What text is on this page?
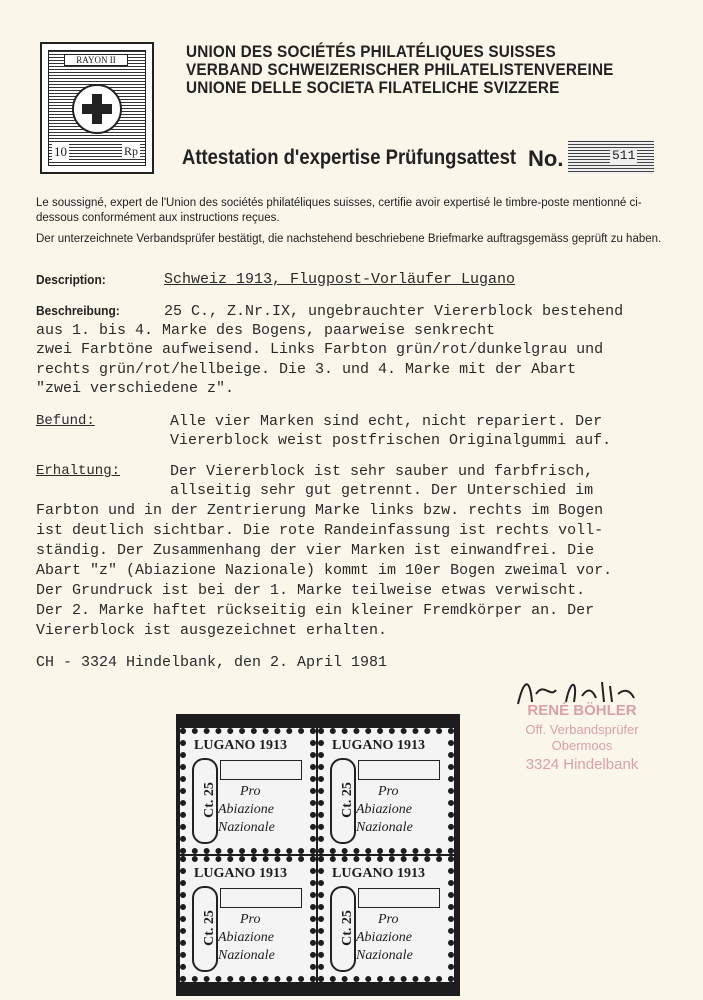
RAYON II
10	Rp
UNION DES SOCIÉTÉS PHILATÉLIQUES SUISSES
VERBAND SCHWEIZERISCHER PHILATELISTENVEREINE
UNIONE DELLE SOCIETA FILATELICHE SVIZZERE
Attestation d'expertise Prüfungsattest No.	511
Le soussigné, expert de l'Union des sociétés philatéliques suisses, certifie avoir expertisé le timbre-poste mentionné ci-dessous conformément aux instructions reçues.
Der unterzeichnete Verbandsprüfer bestätigt, die nachstehend beschriebene Briefmarke auftragsgemäss geprüft zu haben.
Description:
Beschreibung:
Befund:
Erhaltung:
Schweiz 1913, Flugpost-Vorläufer Lugano
25 C., Z.Nr.IX, ungebrauchter Viererblock bestehend
aus 1. bis 4. Marke des Bogens, paarweise senkrecht
zwei Farbtöne aufweisend. Links Farbton grün/rot/dunkelgrau und
rechts grün/rot/hellbeige. Die 3. und 4. Marke mit der Abart
"zwei verschiedene z".
Alle vier Marken sind echt, nicht repariert. Der
Viererblock weist postfrischen Originalgummi auf.
Der Viererblock ist sehr sauber und farbfrisch,
allseitig sehr gut getrennt. Der Unterschied im
Farbton und in der Zentrierung Marke links bzw. rechts im Bogen
ist deutlich sichtbar. Die rote Randeinfassung ist rechts voll-
ständig. Der Zusammenhang der vier Marken ist einwandfrei. Die
Abart "z" (Abiazione Nazionale) kommt im 10er Bogen zweimal vor.
Der Grundruck ist bei der 1. Marke teilweise etwas verwischt.
Der 2. Marke haftet rückseitig ein kleiner Fremdkörper an. Der
Viererblock ist ausgezeichnet erhalten.
CH - 3324 Hindelbank, den 2. April 1981
RENÉ BÖHLER
Off. Verbandsprüfer
Obermoos
3324 Hindelbank
LUGANO 1913
Ct. 25 Pro
Abiazione
Nazionale
LUGANO 1913
Ct. 25 Pro
Abiazione
Nazionale
LUGANO 1913
Ct. 25 Pro
Abiazione
Nazionale
LUGANO 1913
Ct. 25 Pro
Abiazione
Nazionale
